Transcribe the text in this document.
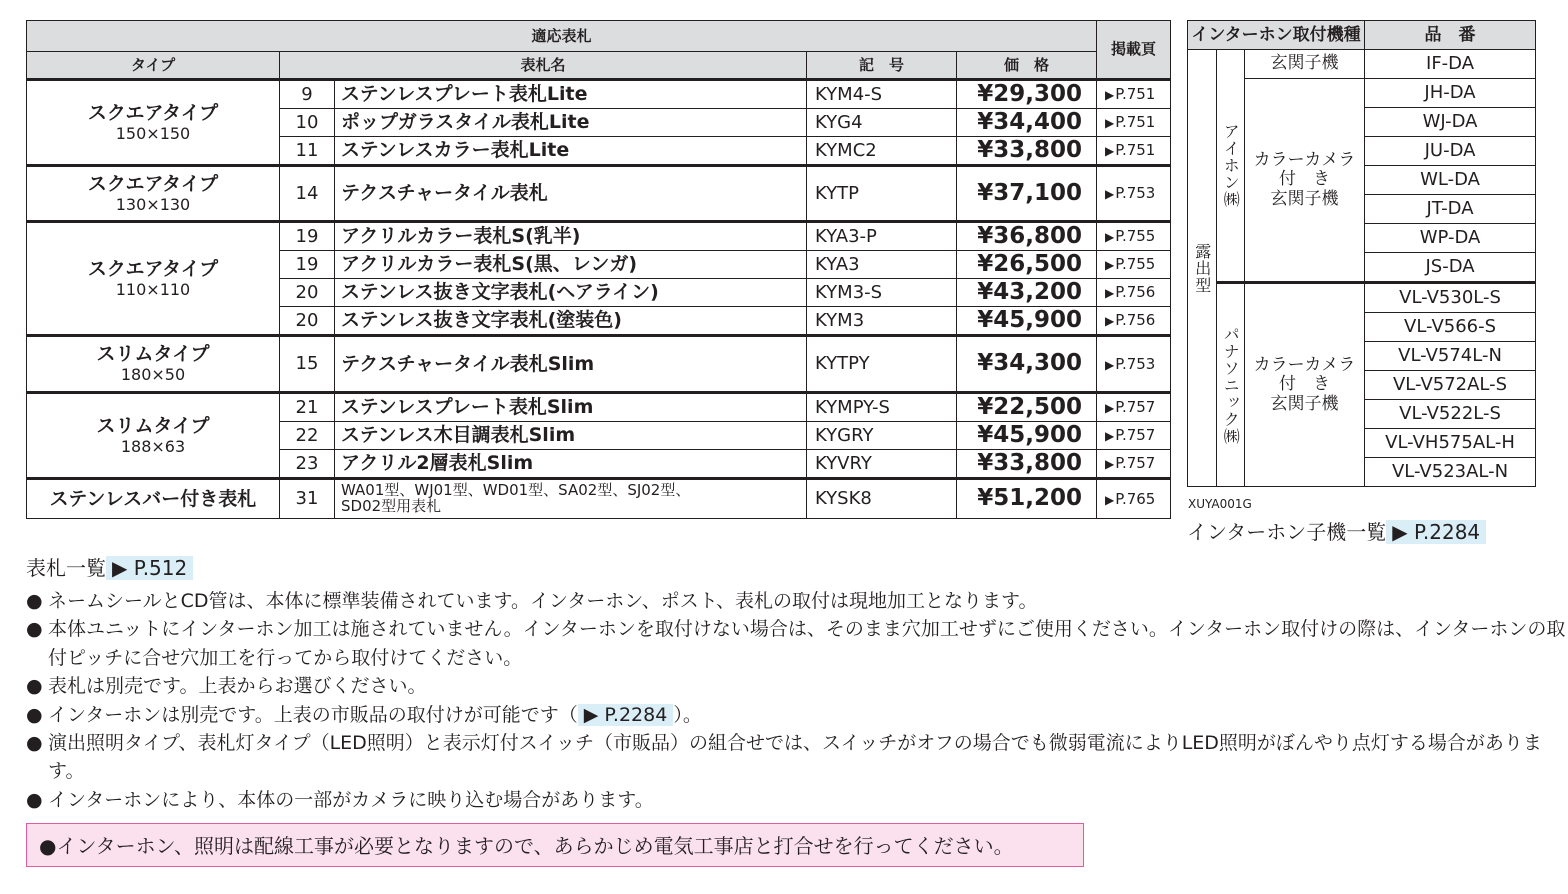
適応表札					掲載頁
タイプ	表札名		記　号	価　格	
スクエアタイプ
150×150	9	ステンレスプレート表札Lite	KYM4-S	¥29,300	▶P.751
	10	ポップガラスタイル表札Lite	KYG4	¥34,400	▶P.751
	11	ステンレスカラー表札Lite	KYMC2	¥33,800	▶P.751
スクエアタイプ
130×130	14	テクスチャータイル表札	KYTP	¥37,100	▶P.753
スクエアタイプ
110×110	19	アクリルカラー表札S(乳半)	KYA3-P	¥36,800	▶P.755
	19	アクリルカラー表札S(黒、レンガ)	KYA3	¥26,500	▶P.755
	20	ステンレス抜き文字表札(ヘアライン)	KYM3-S	¥43,200	▶P.756
	20	ステンレス抜き文字表札(塗装色)	KYM3	¥45,900	▶P.756
スリムタイプ
180×50	15	テクスチャータイル表札Slim	KYTPY	¥34,300	▶P.753
スリムタイプ
188×63	21	ステンレスプレート表札Slim	KYMPY-S	¥22,500	▶P.757
	22	ステンレス木目調表札Slim	KYGRY	¥45,900	▶P.757
	23	アクリル2層表札Slim	KYVRY	¥33,800	▶P.757
ステンレスバー付き表札	31	WA01型、WJ01型、WD01型、SA02型、SJ02型、
SD02型用表札	KYSK8	¥51,200	▶P.765
インターホン取付機種			品　番
露出型	アイホン㈱	玄関子機	IF-DA
		カラーカメラ
付　き
玄関子機	JH-DA
			WJ-DA
			JU-DA
			WL-DA
			JT-DA
			WP-DA
			JS-DA
	パナソニック㈱	カラーカメラ
付　き
玄関子機	VL-V530L-S
			VL-V566-S
			VL-V574L-N
			VL-V572AL-S
			VL-V522L-S
			VL-VH575AL-H
			VL-V523AL-N
XUYA001G
インターホン子機一覧 ▶ P.2284
表札一覧 ▶ P.512
● ネームシールとCD管は、本体に標準装備されています。インターホン、ポスト、表札の取付は現地加工となります。
● 本体ユニットにインターホン加工は施されていません。インターホンを取付けない場合は、そのまま穴加工せずにご使用ください。インターホン取付けの際は、インターホンの取付ピッチに合せ穴加工を行ってから取付けてください。
● 表札は別売です。上表からお選びください。
● インターホンは別売です。上表の市販品の取付けが可能です（ ▶ P.2284 ）。
● 演出照明タイプ、表札灯タイプ（LED照明）と表示灯付スイッチ（市販品）の組合せでは、スイッチがオフの場合でも微弱電流によりLED照明がぼんやり点灯する場合があります。
● インターホンにより、本体の一部がカメラに映り込む場合があります。
●インターホン、照明は配線工事が必要となりますので、あらかじめ電気工事店と打合せを行ってください。
